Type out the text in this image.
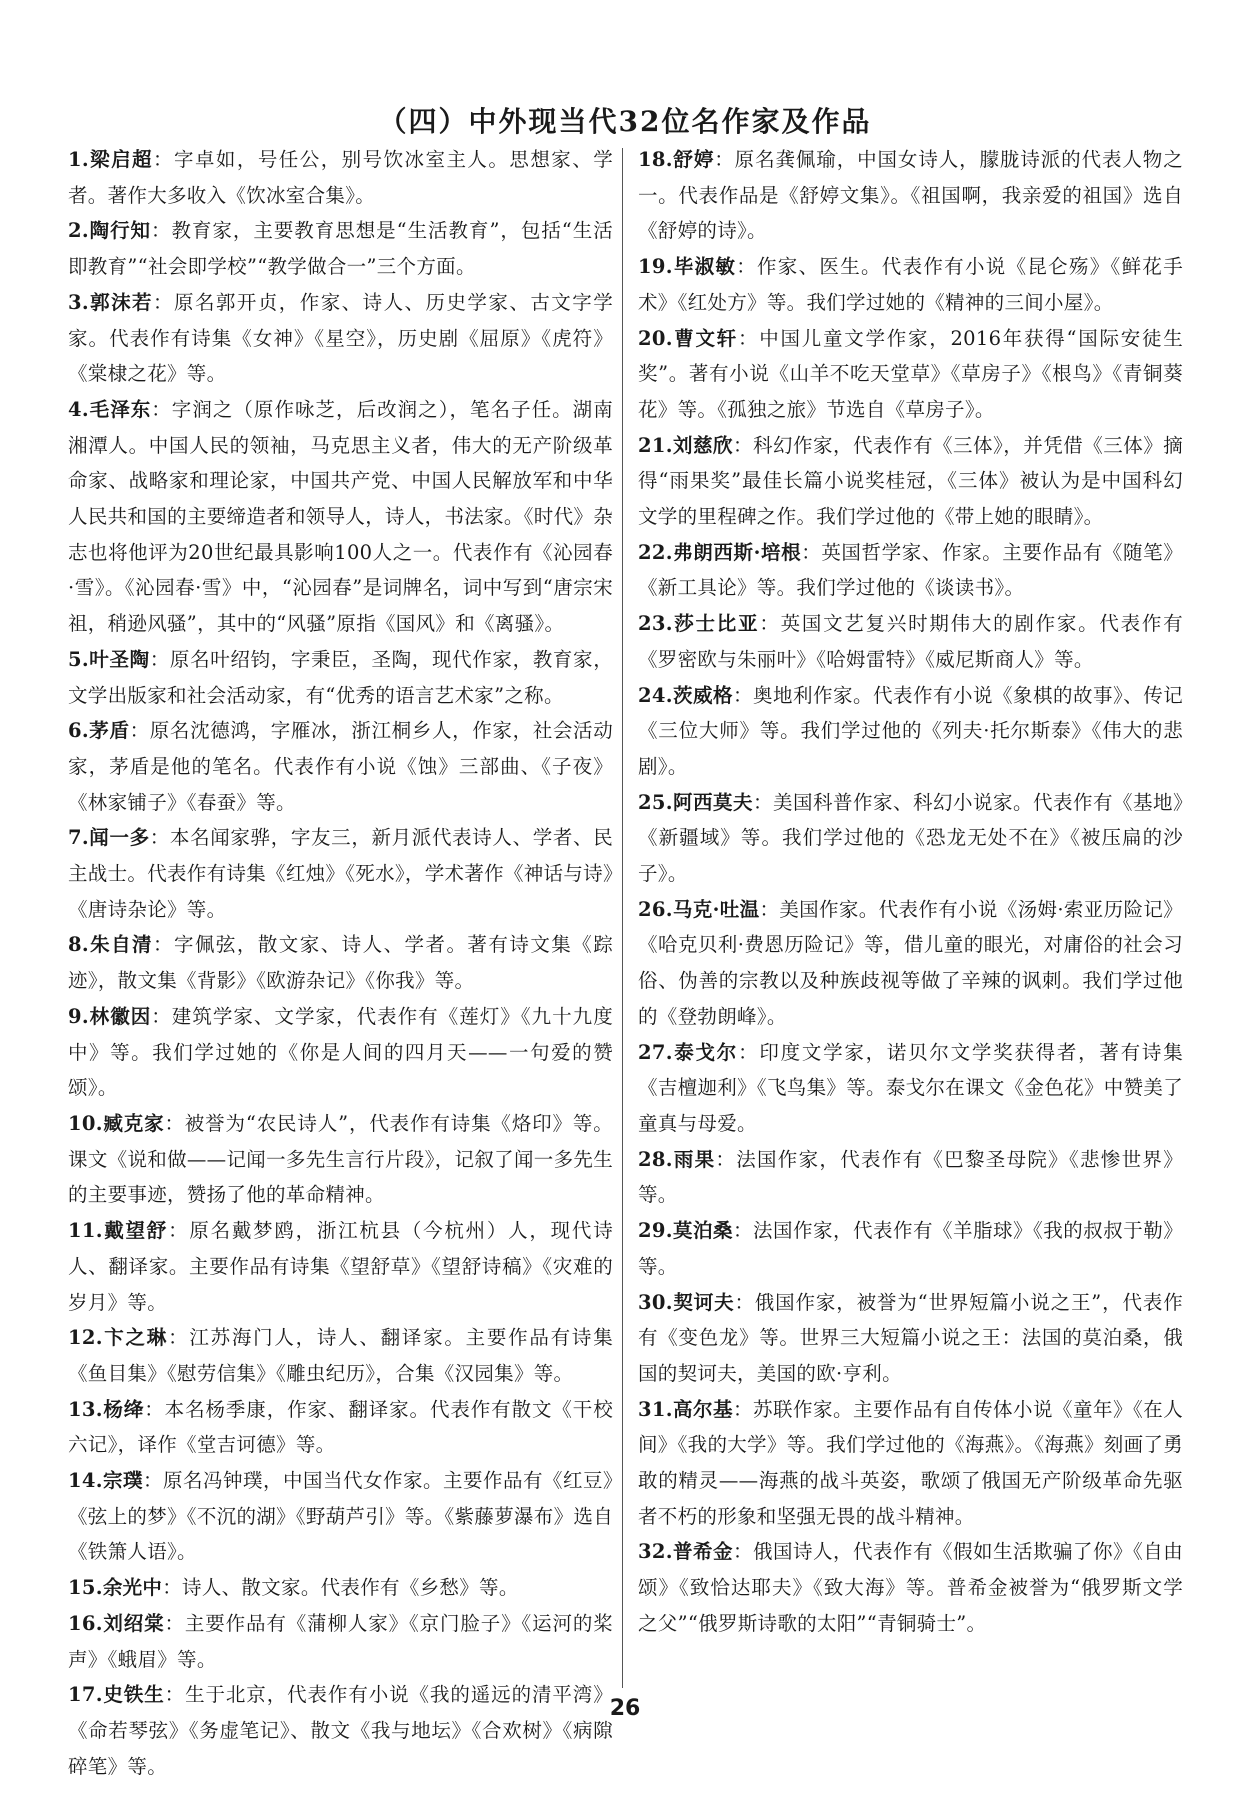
（四）中外现当代32位名作家及作品
1.梁启超：字卓如，号任公，别号饮冰室主人。思想家、学者。著作大多收入《饮冰室合集》。
2.陶行知：教育家，主要教育思想是“生活教育”，包括“生活即教育”“社会即学校”“教学做合一”三个方面。
3.郭沫若：原名郭开贞，作家、诗人、历史学家、古文字学家。代表作有诗集《女神》《星空》，历史剧《屈原》《虎符》《棠棣之花》等。
4.毛泽东：字润之（原作咏芝，后改润之），笔名子任。湖南湘潭人。中国人民的领袖，马克思主义者，伟大的无产阶级革命家、战略家和理论家，中国共产党、中国人民解放军和中华人民共和国的主要缔造者和领导人，诗人，书法家。《时代》杂志也将他评为20世纪最具影响100人之一。代表作有《沁园春·雪》。《沁园春·雪》中，“沁园春”是词牌名，词中写到“唐宗宋祖，稍逊风骚”，其中的“风骚”原指《国风》和《离骚》。
5.叶圣陶：原名叶绍钧，字秉臣，圣陶，现代作家，教育家，文学出版家和社会活动家，有“优秀的语言艺术家”之称。
6.茅盾：原名沈德鸿，字雁冰，浙江桐乡人，作家，社会活动家，茅盾是他的笔名。代表作有小说《蚀》三部曲、《子夜》《林家铺子》《春蚕》等。
7.闻一多：本名闻家骅，字友三，新月派代表诗人、学者、民主战士。代表作有诗集《红烛》《死水》，学术著作《神话与诗》《唐诗杂论》等。
8.朱自清：字佩弦，散文家、诗人、学者。著有诗文集《踪迹》，散文集《背影》《欧游杂记》《你我》等。
9.林徽因：建筑学家、文学家，代表作有《莲灯》《九十九度中》等。我们学过她的《你是人间的四月天——一句爱的赞颂》。
10.臧克家：被誉为“农民诗人”，代表作有诗集《烙印》等。课文《说和做——记闻一多先生言行片段》，记叙了闻一多先生的主要事迹，赞扬了他的革命精神。
11.戴望舒：原名戴梦鸥，浙江杭县（今杭州）人，现代诗人、翻译家。主要作品有诗集《望舒草》《望舒诗稿》《灾难的岁月》等。
12.卞之琳：江苏海门人，诗人、翻译家。主要作品有诗集《鱼目集》《慰劳信集》《雕虫纪历》，合集《汉园集》等。
13.杨绛：本名杨季康，作家、翻译家。代表作有散文《干校六记》，译作《堂吉诃德》等。
14.宗璞：原名冯钟璞，中国当代女作家。主要作品有《红豆》《弦上的梦》《不沉的湖》《野葫芦引》等。《紫藤萝瀑布》选自《铁箫人语》。
15.余光中：诗人、散文家。代表作有《乡愁》等。
16.刘绍棠：主要作品有《蒲柳人家》《京门脸子》《运河的桨声》《蛾眉》等。
17.史铁生：生于北京，代表作有小说《我的遥远的清平湾》《命若琴弦》《务虚笔记》、散文《我与地坛》《合欢树》《病隙碎笔》等。
18.舒婷：原名龚佩瑜，中国女诗人，朦胧诗派的代表人物之一。代表作品是《舒婷文集》。《祖国啊，我亲爱的祖国》选自《舒婷的诗》。
19.毕淑敏：作家、医生。代表作有小说《昆仑殇》《鲜花手术》《红处方》等。我们学过她的《精神的三间小屋》。
20.曹文轩：中国儿童文学作家，2016年获得“国际安徒生奖”。著有小说《山羊不吃天堂草》《草房子》《根鸟》《青铜葵花》等。《孤独之旅》节选自《草房子》。
21.刘慈欣：科幻作家，代表作有《三体》，并凭借《三体》摘得“雨果奖”最佳长篇小说奖桂冠，《三体》被认为是中国科幻文学的里程碑之作。我们学过他的《带上她的眼睛》。
22.弗朗西斯·培根：英国哲学家、作家。主要作品有《随笔》《新工具论》等。我们学过他的《谈读书》。
23.莎士比亚：英国文艺复兴时期伟大的剧作家。代表作有《罗密欧与朱丽叶》《哈姆雷特》《威尼斯商人》等。
24.茨威格：奥地利作家。代表作有小说《象棋的故事》、传记《三位大师》等。我们学过他的《列夫·托尔斯泰》《伟大的悲剧》。
25.阿西莫夫：美国科普作家、科幻小说家。代表作有《基地》《新疆域》等。我们学过他的《恐龙无处不在》《被压扁的沙子》。
26.马克·吐温：美国作家。代表作有小说《汤姆·索亚历险记》《哈克贝利·费恩历险记》等，借儿童的眼光，对庸俗的社会习俗、伪善的宗教以及种族歧视等做了辛辣的讽刺。我们学过他的《登勃朗峰》。
27.泰戈尔：印度文学家，诺贝尔文学奖获得者，著有诗集《吉檀迦利》《飞鸟集》等。泰戈尔在课文《金色花》中赞美了童真与母爱。
28.雨果：法国作家，代表作有《巴黎圣母院》《悲惨世界》等。
29.莫泊桑：法国作家，代表作有《羊脂球》《我的叔叔于勒》等。
30.契诃夫：俄国作家，被誉为“世界短篇小说之王”，代表作有《变色龙》等。世界三大短篇小说之王：法国的莫泊桑，俄国的契诃夫，美国的欧·亨利。
31.高尔基：苏联作家。主要作品有自传体小说《童年》《在人间》《我的大学》等。我们学过他的《海燕》。《海燕》刻画了勇敢的精灵——海燕的战斗英姿，歌颂了俄国无产阶级革命先驱者不朽的形象和坚强无畏的战斗精神。
32.普希金：俄国诗人，代表作有《假如生活欺骗了你》《自由颂》《致恰达耶夫》《致大海》等。普希金被誉为“俄罗斯文学之父”“俄罗斯诗歌的太阳”“青铜骑士”。
26
